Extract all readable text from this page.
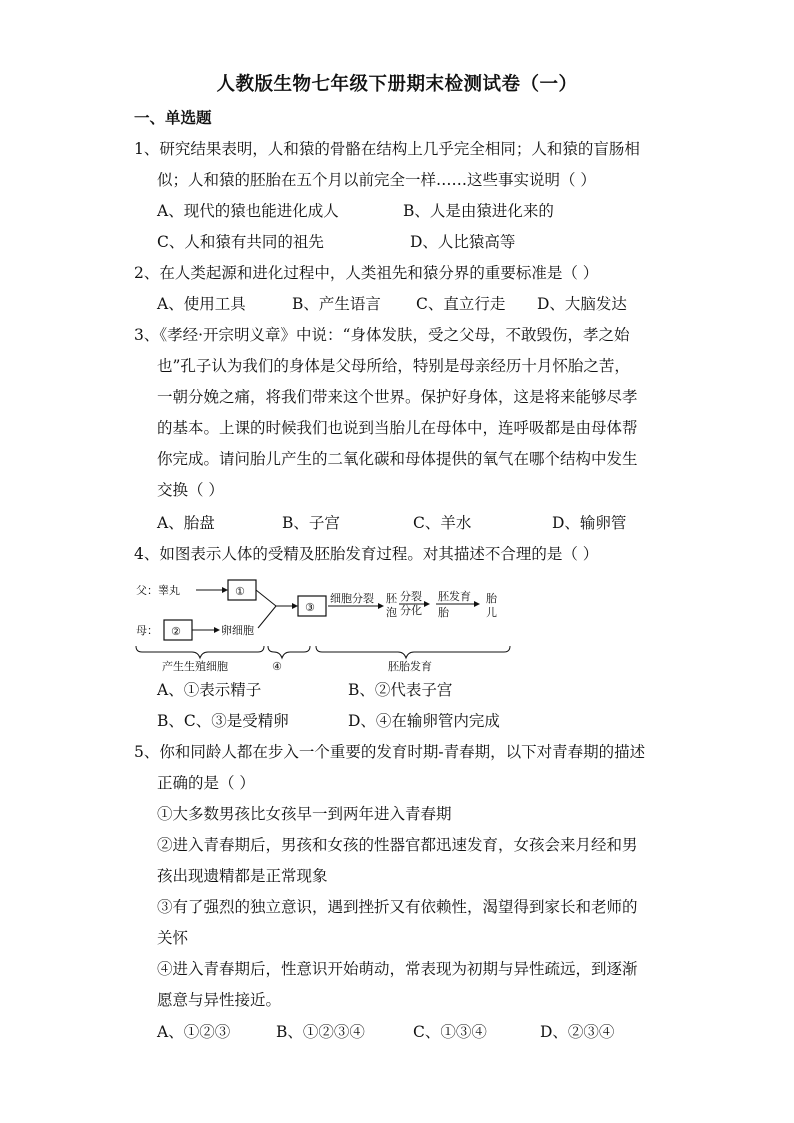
人教版生物七年级下册期末检测试卷（一）
一、单选题
1、研究结果表明，人和猿的骨骼在结构上几乎完全相同；人和猿的盲肠相
似；人和猿的胚胎在五个月以前完全一样……这些事实说明（ ）
A、现代的猿也能进化成人	B、人是由猿进化来的
C、人和猿有共同的祖先	D、人比猿高等
2、在人类起源和进化过程中，人类祖先和猿分界的重要标准是（ ）
A、使用工具	B、产生语言 C、直立行走 D、大脑发达
3、《孝经·开宗明义章》中说：“身体发肤，受之父母，不敢毁伤，孝之始
也”孔子认为我们的身体是父母所给，特别是母亲经历十月怀胎之苦，
一朝分娩之痛，将我们带来这个世界。保护好身体，这是将来能够尽孝
的基本。上课的时候我们也说到当胎儿在母体中，连呼吸都是由母体帮
你完成。请问胎儿产生的二氧化碳和母体提供的氧气在哪个结构中发生
交换（ ）
A、胎盘	B、子宫	C、羊水	D、输卵管
4、如图表示人体的受精及胚胎发育过程。对其描述不合理的是（ ）
父：睾丸	①
母： ②	卵细胞
③
细胞分裂 胚
泡
分裂
分化
胚发育
胎
胎
儿
产生生殖细胞	④	胚胎发育
A、①表示精子	B、②代表子宫
B、C、③是受精卵	D、④在输卵管内完成
5、你和同龄人都在步入一个重要的发育时期-青春期，以下对青春期的描述
正确的是（ ）
①大多数男孩比女孩早一到两年进入青春期
②进入青春期后，男孩和女孩的性器官都迅速发育，女孩会来月经和男
孩出现遗精都是正常现象
③有了强烈的独立意识，遇到挫折又有依赖性，渴望得到家长和老师的
关怀
④进入青春期后，性意识开始萌动，常表现为初期与异性疏远，到逐渐
愿意与异性接近。
A、①②③	B、①②③④	C、①③④	D、②③④
